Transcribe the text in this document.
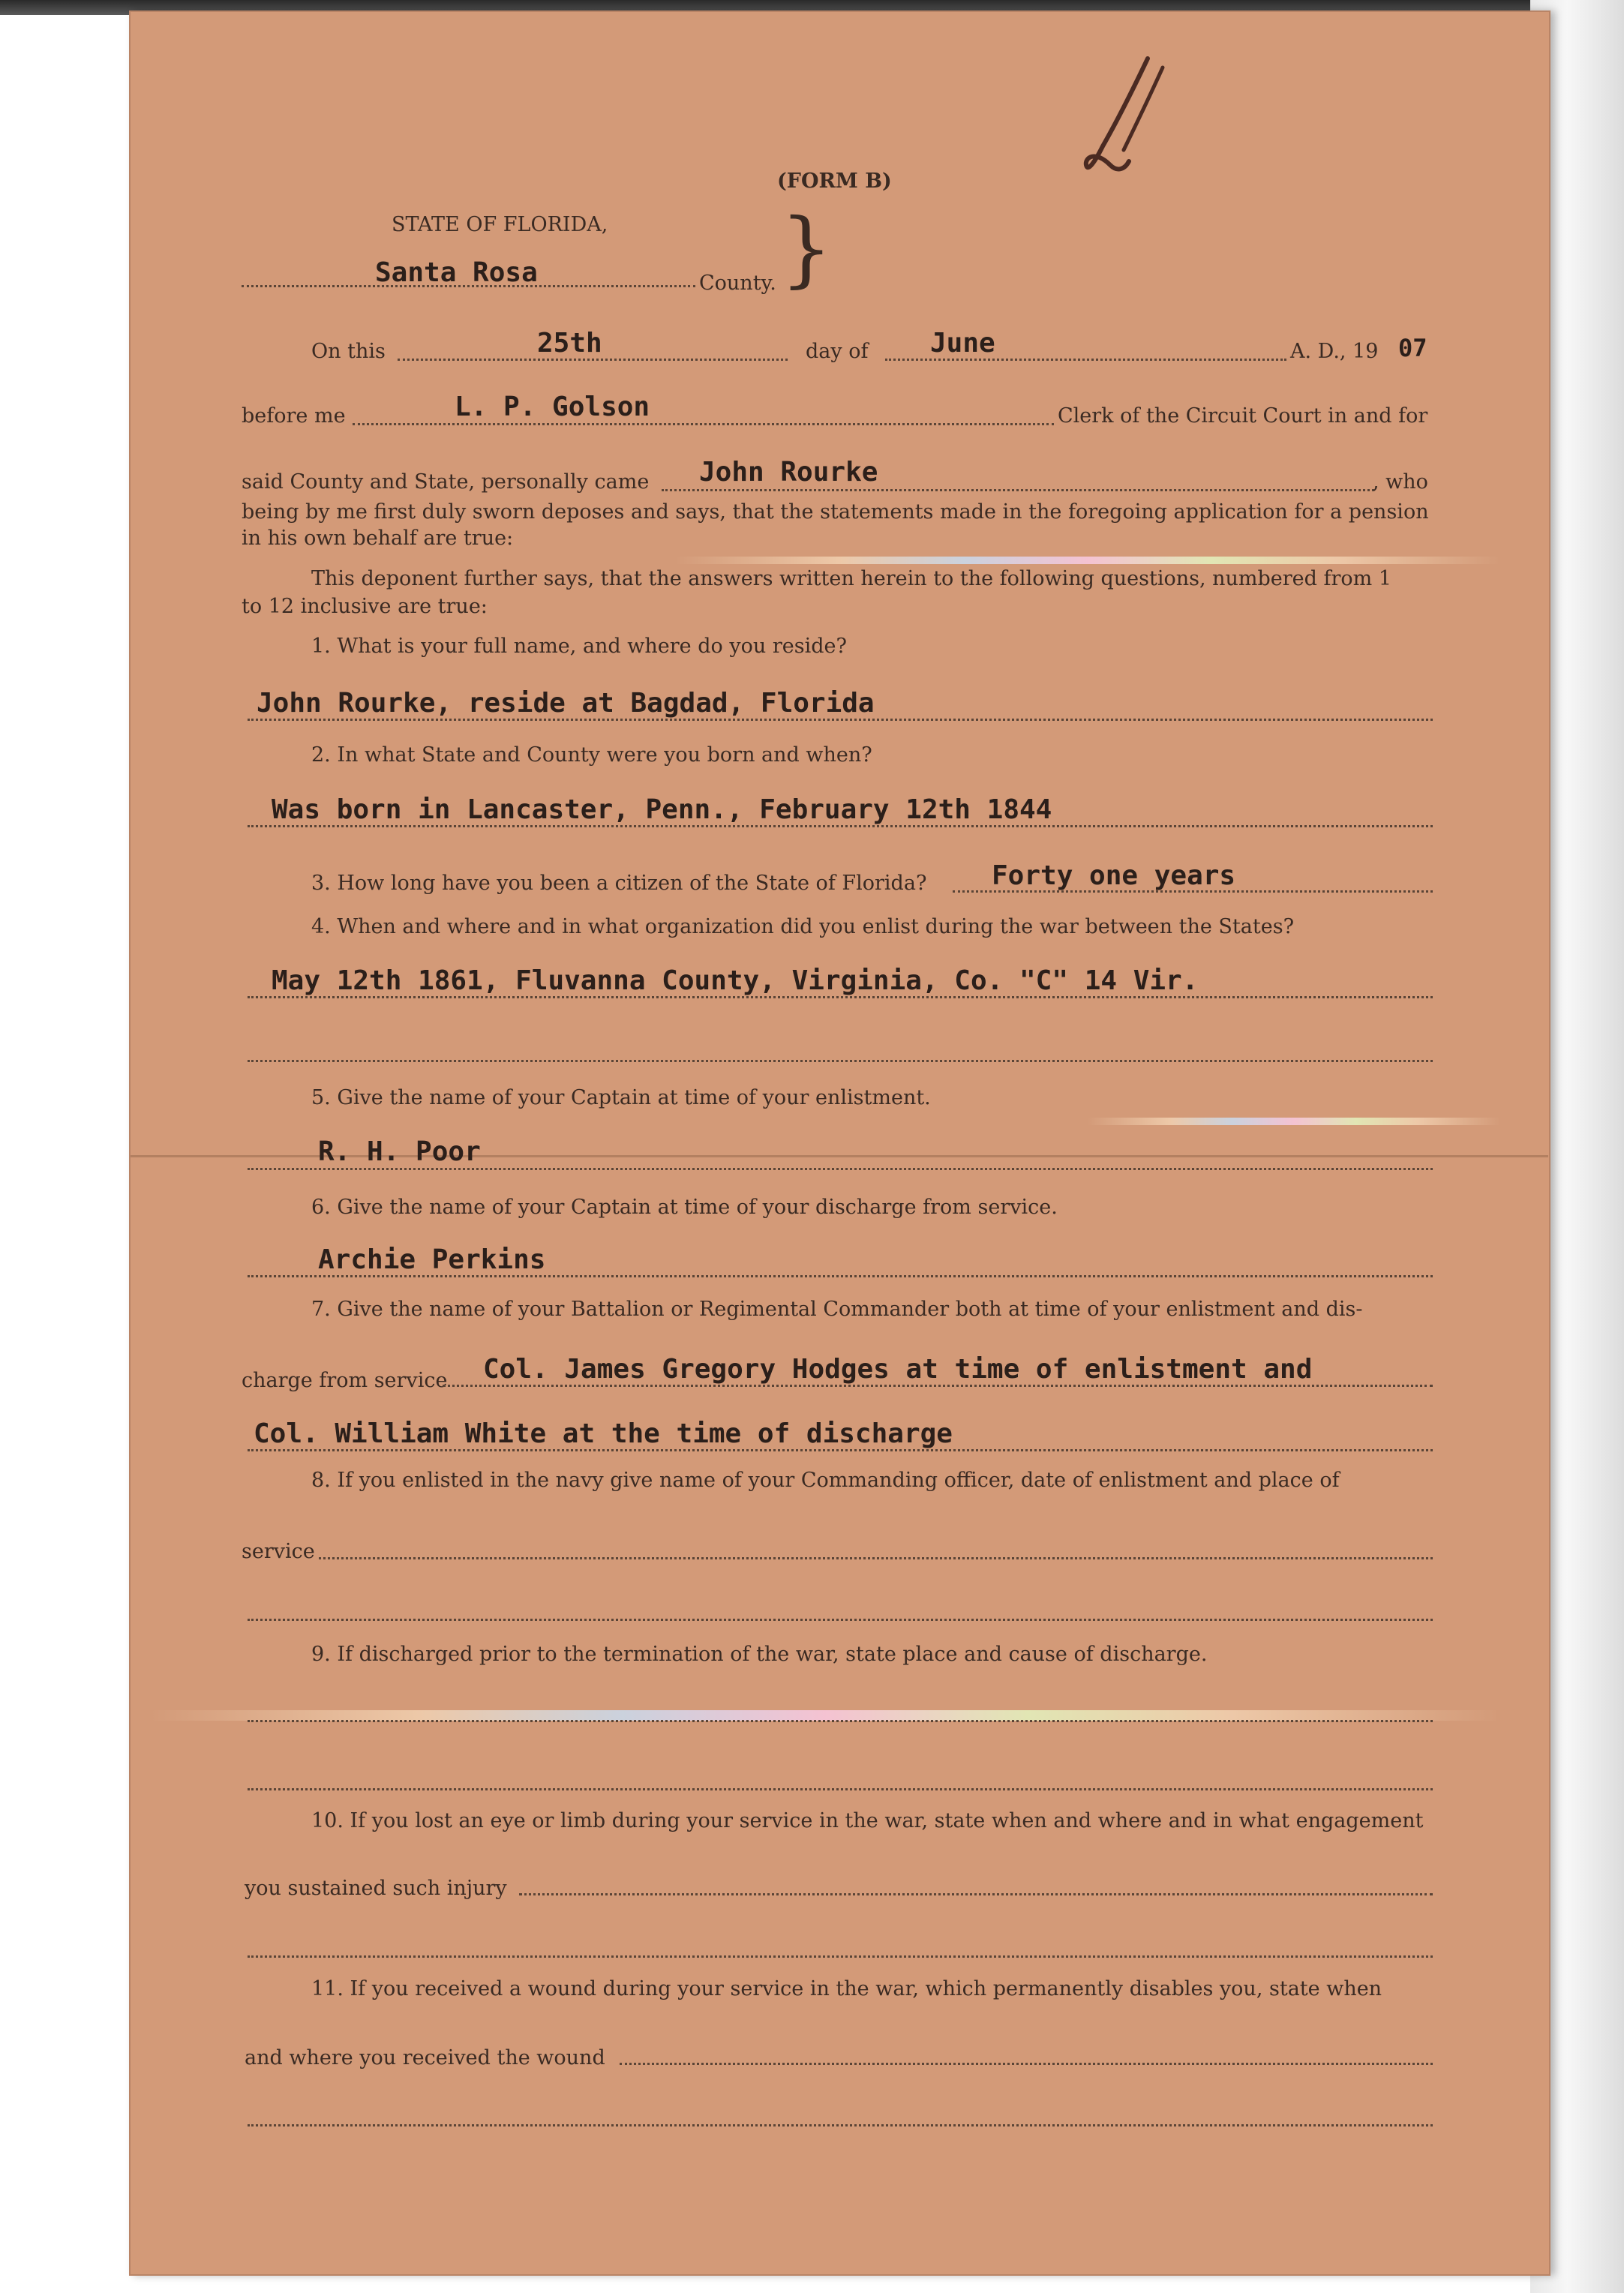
(FORM B)
STATE OF FLORIDA, }
Santa Rosa	County.
On this	25th	day of June	A. D., 19 07
before me	L. P. Golson	Clerk of the Circuit Court in and for
said County and State, personally came John Rourke	, who
being by me first duly sworn deposes and says, that the statements made in the foregoing application for a pension
in his own behalf are true:
This deponent further says, that the answers written herein to the following questions, numbered from 1
to 12 inclusive are true:
1. What is your full name, and where do you reside?
John Rourke, reside at Bagdad, Florida
2. In what State and County were you born and when?
Was born in Lancaster, Penn., February 12th 1844
3. How long have you been a citizen of the State of Florida? Forty one years
4. When and where and in what organization did you enlist during the war between the States?
May 12th 1861, Fluvanna County, Virginia, Co. "C" 14 Vir.
5. Give the name of your Captain at time of your enlistment.
R. H. Poor
6. Give the name of your Captain at time of your discharge from service.
Archie Perkins
7. Give the name of your Battalion or Regimental Commander both at time of your enlistment and dis-
charge from service Col. James Gregory Hodges at time of enlistment and
Col. William White at the time of discharge
8. If you enlisted in the navy give name of your Commanding officer, date of enlistment and place of
service
9. If discharged prior to the termination of the war, state place and cause of discharge.
10. If you lost an eye or limb during your service in the war, state when and where and in what engagement
you sustained such injury
11. If you received a wound during your service in the war, which permanently disables you, state when
and where you received the wound
